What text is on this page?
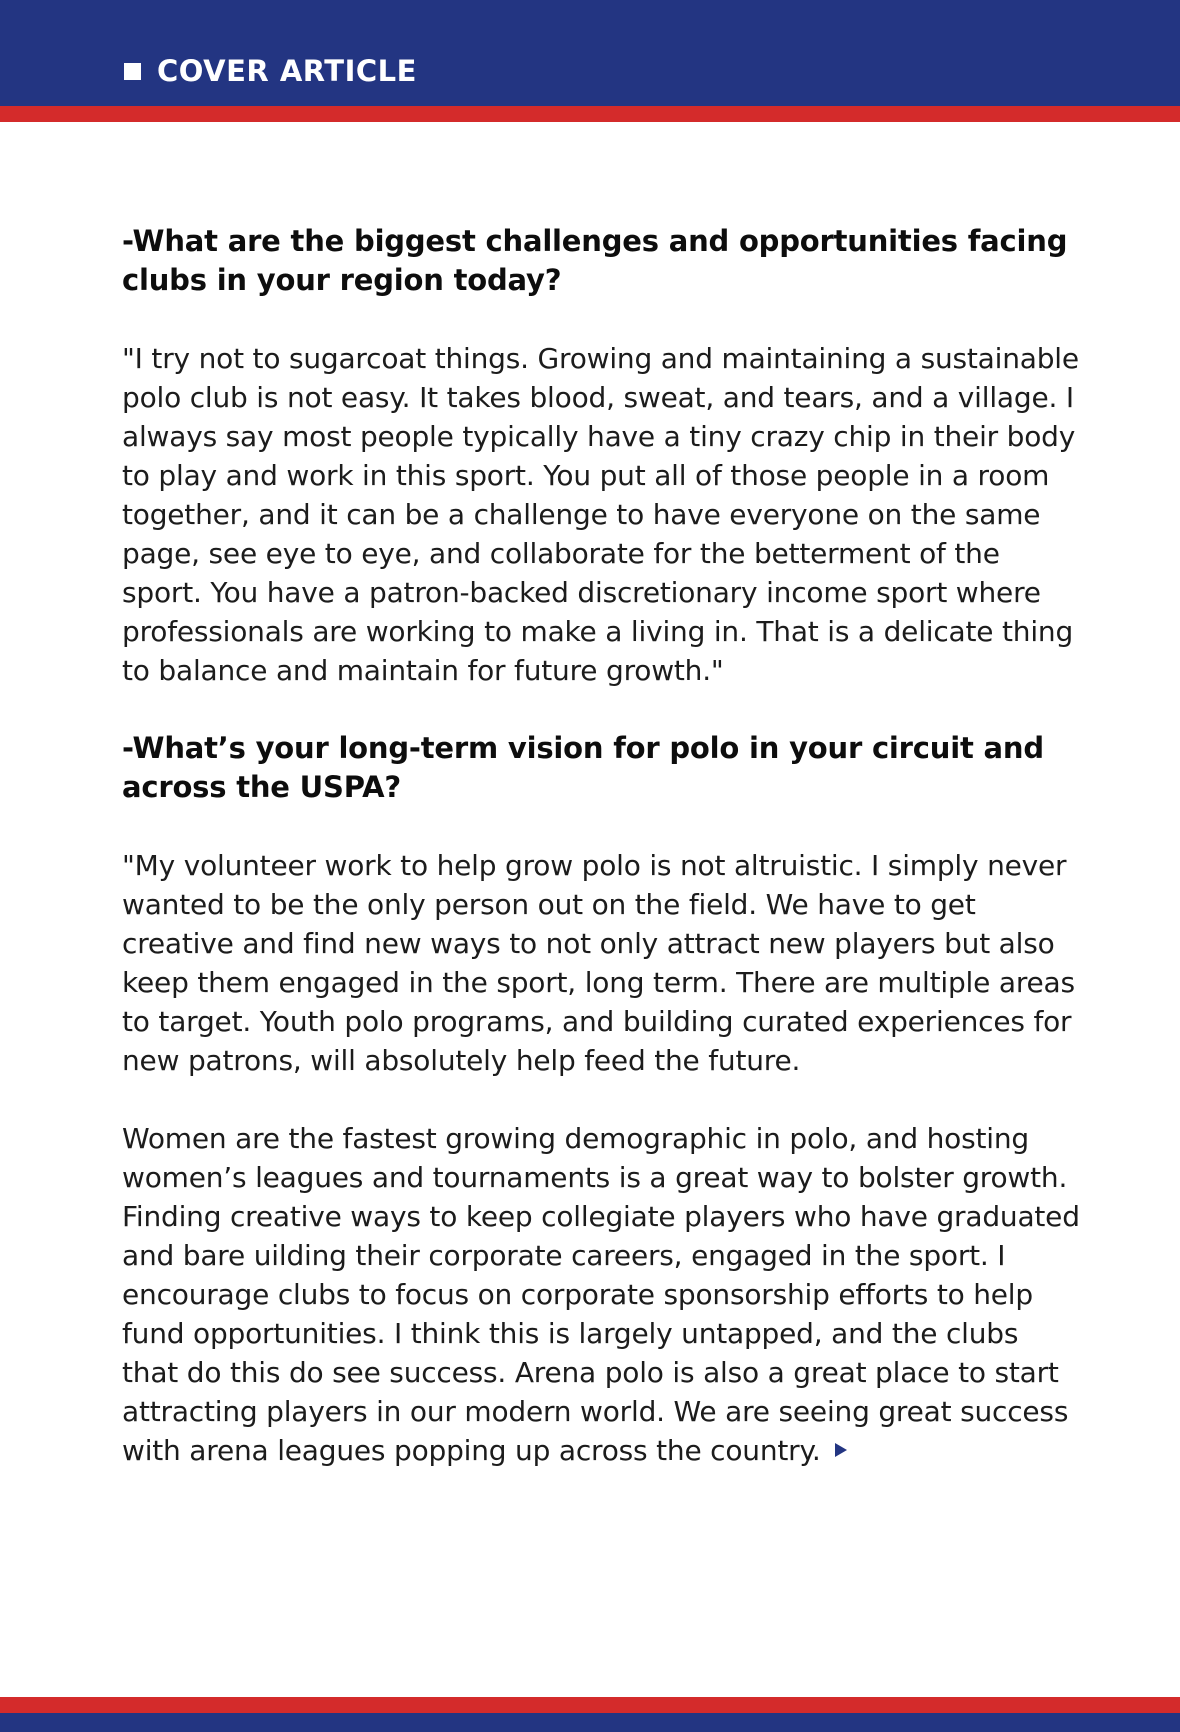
COVER ARTICLE

-What are the biggest challenges and opportunities facing clubs in your region today?

"I try not to sugarcoat things. Growing and maintaining a sustainable polo club is not easy. It takes blood, sweat, and tears, and a village. I always say most people typically have a tiny crazy chip in their body to play and work in this sport. You put all of those people in a room together, and it can be a challenge to have everyone on the same page, see eye to eye, and collaborate for the betterment of the sport. You have a patron-backed discretionary income sport where professionals are working to make a living in. That is a delicate thing to balance and maintain for future growth."

-What’s your long-term vision for polo in your circuit and across the USPA?

"My volunteer work to help grow polo is not altruistic. I simply never wanted to be the only person out on the field. We have to get creative and find new ways to not only attract new players but also keep them engaged in the sport, long term. There are multiple areas to target. Youth polo programs, and building curated experiences for new patrons, will absolutely help feed the future.

Women are the fastest growing demographic in polo, and hosting women’s leagues and tournaments is a great way to bolster growth. Finding creative ways to keep collegiate players who have graduated and bare uilding their corporate careers, engaged in the sport. I encourage clubs to focus on corporate sponsorship efforts to help fund opportunities. I think this is largely untapped, and the clubs that do this do see success. Arena polo is also a great place to start attracting players in our modern world. We are seeing great success with arena leagues popping up across the country.
